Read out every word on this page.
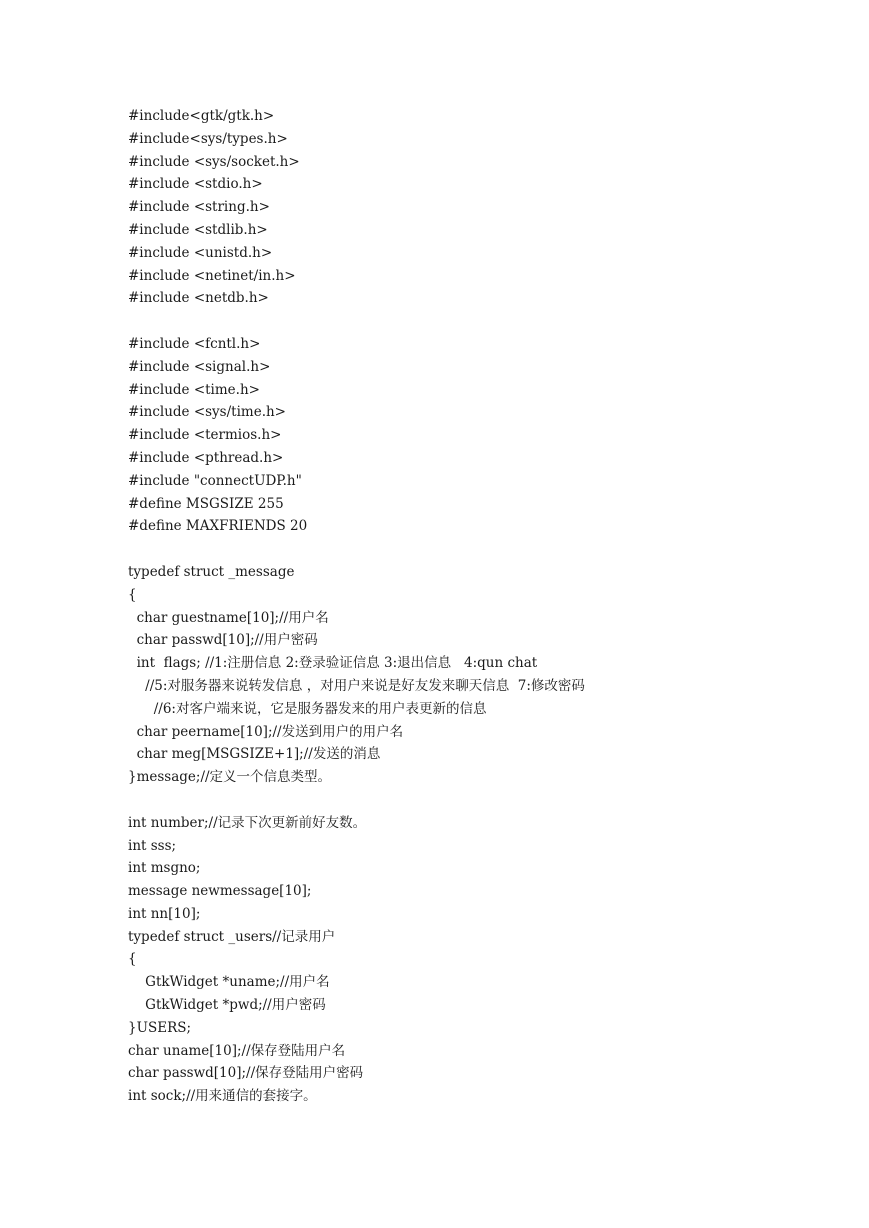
#include<gtk/gtk.h>
#include<sys/types.h>
#include <sys/socket.h>
#include <stdio.h>
#include <string.h>
#include <stdlib.h>
#include <unistd.h>
#include <netinet/in.h>
#include <netdb.h>
#include <fcntl.h>
#include <signal.h>
#include <time.h>
#include <sys/time.h>
#include <termios.h>
#include <pthread.h>
#include "connectUDP.h"
#define MSGSIZE 255
#define MAXFRIENDS 20
typedef struct _message
{
char guestname[10];//用户名
char passwd[10];//用户密码
int  flags; //1:注册信息 2:登录验证信息 3:退出信息   4:qun chat
//5:对服务器来说转发信息 ，对用户来说是好友发来聊天信息  7:修改密码
//6:对客户端来说，它是服务器发来的用户表更新的信息
char peername[10];//发送到用户的用户名
char meg[MSGSIZE+1];//发送的消息
}message;//定义一个信息类型。
int number;//记录下次更新前好友数。
int sss;
int msgno;
message newmessage[10];
int nn[10];
typedef struct _users//记录用户
{
GtkWidget *uname;//用户名
GtkWidget *pwd;//用户密码
}USERS;
char uname[10];//保存登陆用户名
char passwd[10];//保存登陆用户密码
int sock;//用来通信的套接字。
